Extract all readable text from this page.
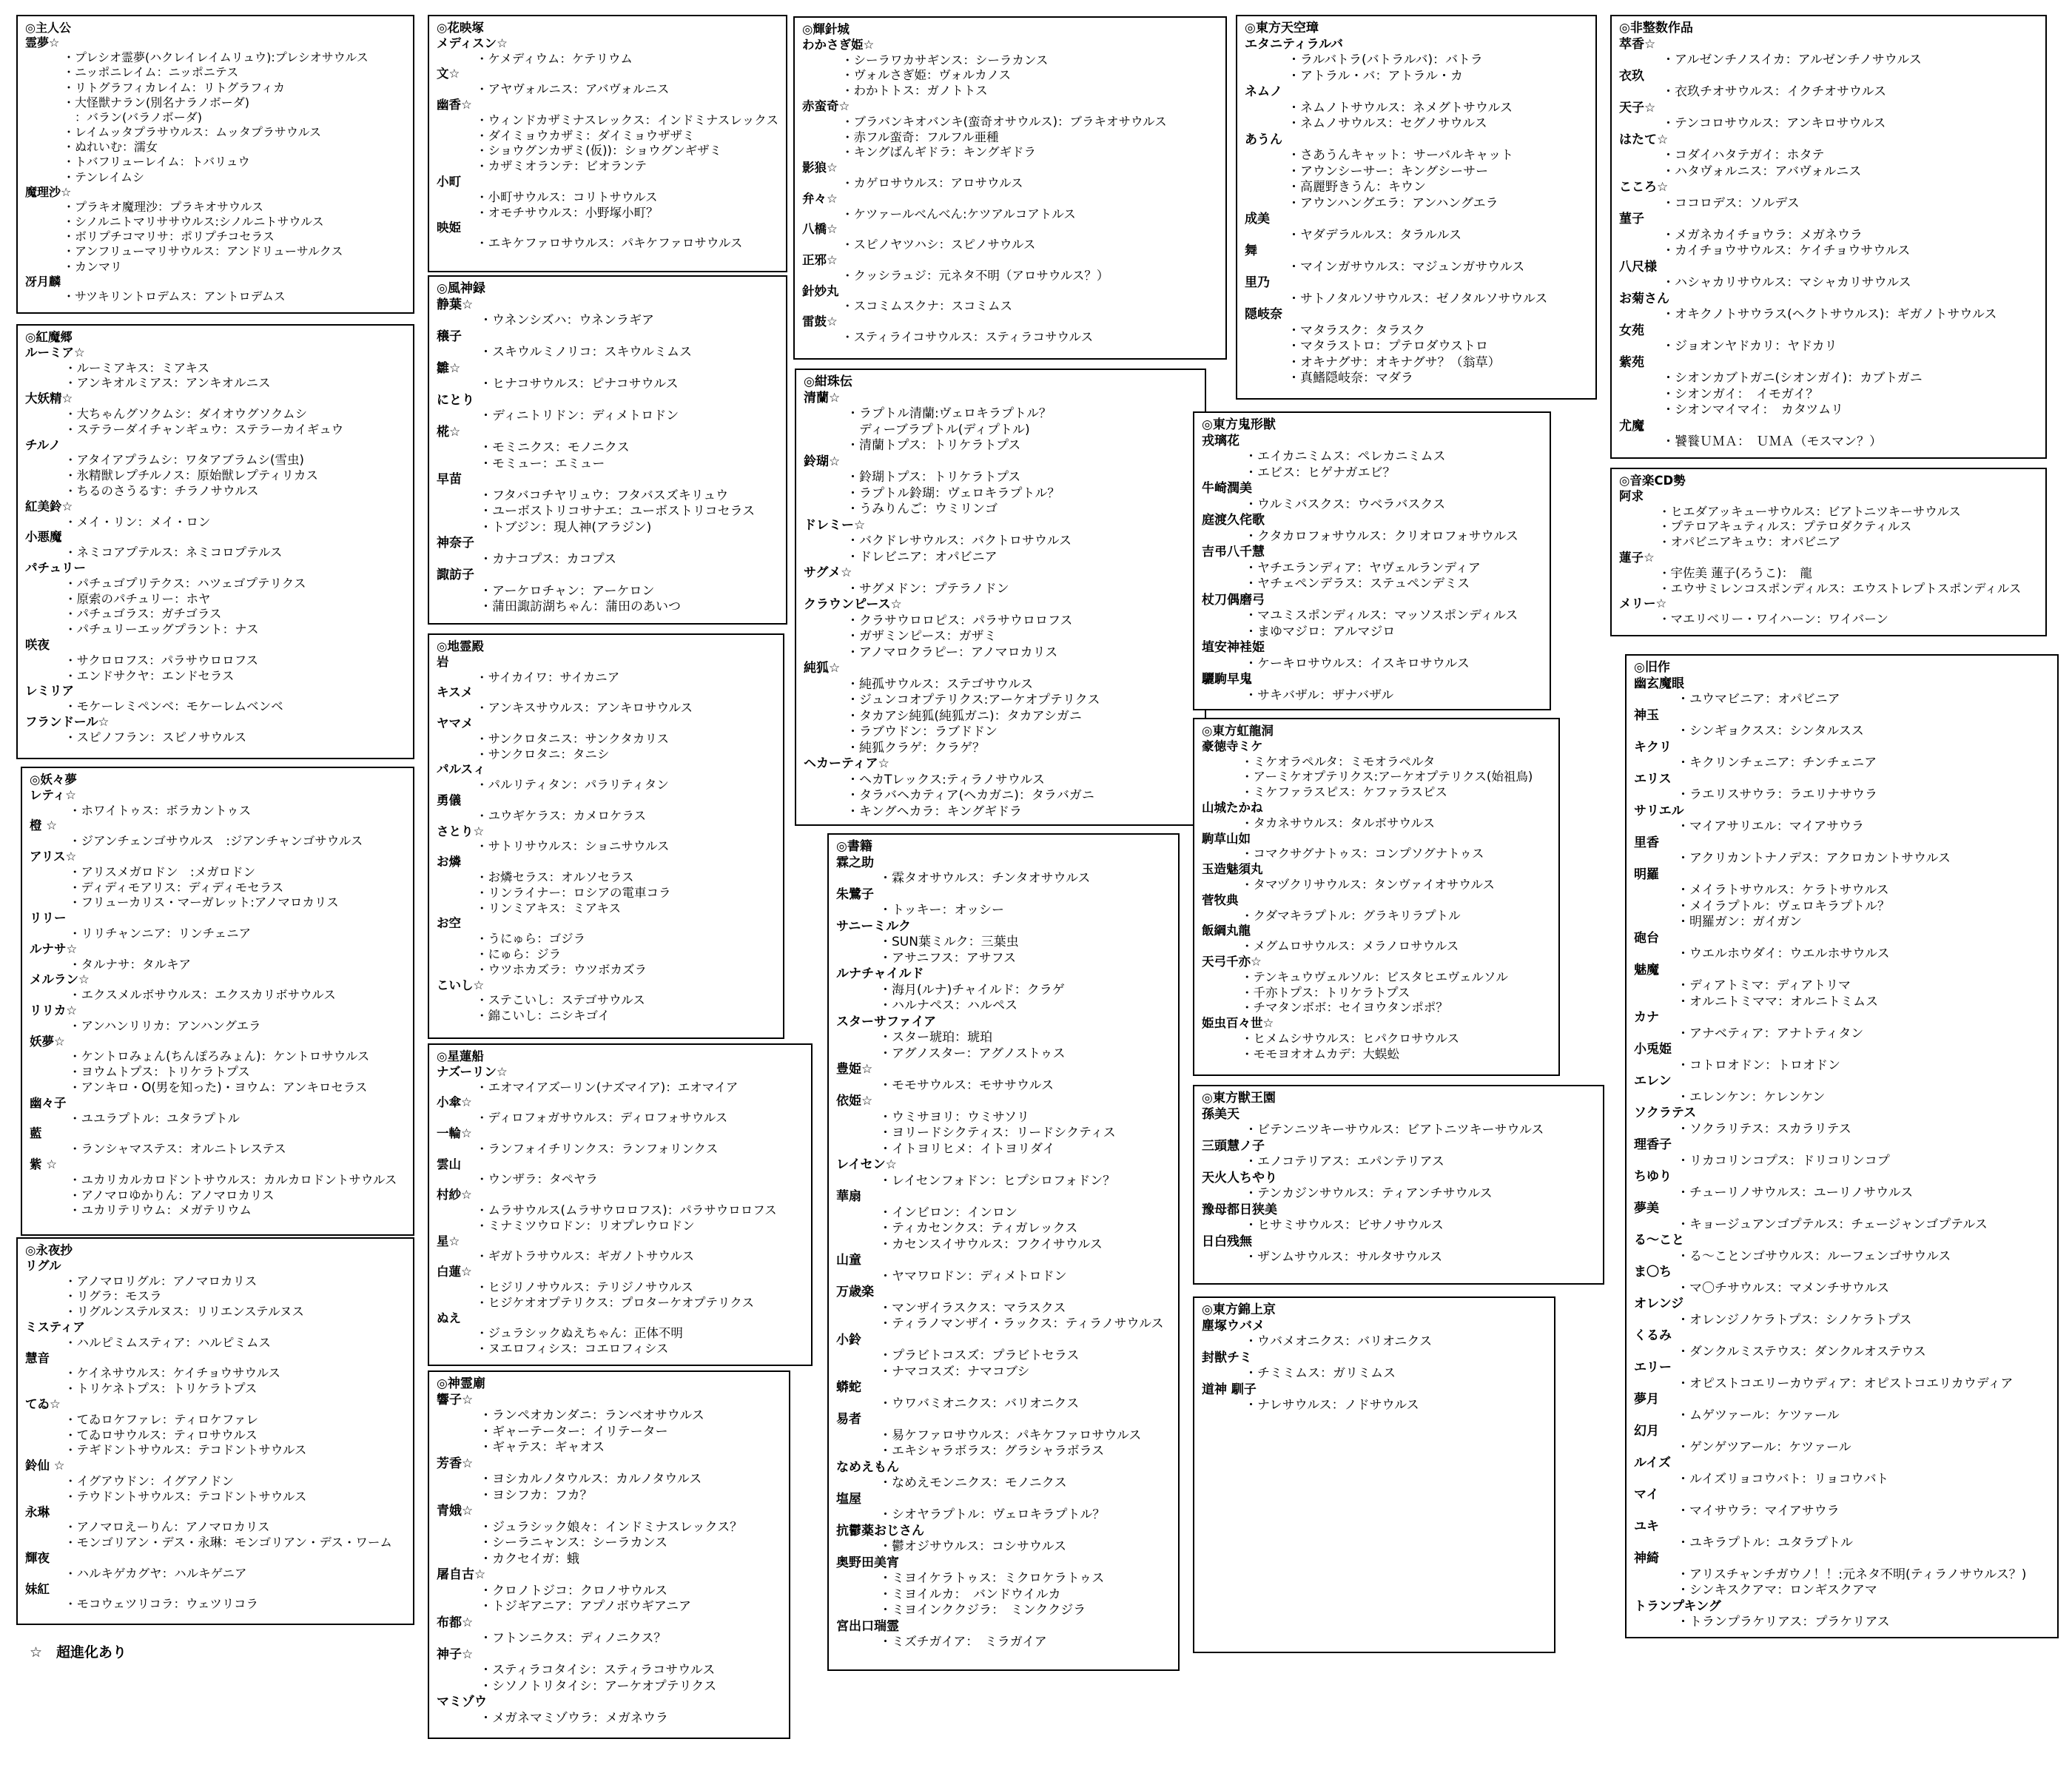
◎主人公
霊夢☆
・プレシオ霊夢(ハクレイレイムリュウ):プレシオサウルス
・ニッポニレイム：ニッポニテス
・リトグラフィカレイム：リトグラフィカ
・大怪獣ナラン(別名ナラノボーダ)
　：バラン(バラノボーダ)
・レイムッタプラサウルス：ムッタプラサウルス
・ぬれいむ：濡女
・トバフリューレイム：トバリュウ
・テンレイムシ
魔理沙☆
・プラキオ魔理沙：プラキオサウルス
・シノルニトマリササウルス:シノルニトサウルス
・ボリプチコマリサ：ポリプチコセラス
・アンフリューマリサウルス：アンドリューサルクス
・カンマリ
冴月麟
・サツキリントロデムス：アントロデムス
◎紅魔郷
ルーミア☆
・ルーミアキス：ミアキス
・アンキオルミアス：アンキオルニス
大妖精☆
・大ちゃんグソクムシ：ダイオウグソクムシ
・ステラーダイチャンギュウ：ステラーカイギュウ
チルノ
・アタイアプラムシ：ワタアブラムシ(雪虫)
・氷精獣レプチルノス：原始獣レプティリカス
・ちるのさうるす：チラノサウルス
紅美鈴☆
・メイ・リン：メイ・ロン
小悪魔
・ネミコアプテルス：ネミコロプテルス
パチュリー
・パチュゴプリテクス：ハツェゴプテリクス
・原索のパチュリー：ホヤ
・パチュゴラス：ガチゴラス
・パチュリーエッグプラント：ナス
咲夜
・サクロロフス：パラサウロロフス
・エンドサクヤ：エンドセラス
レミリア
・モケーレミペンベ：モケーレムベンベ
フランドール☆
・スピノフラン：スピノサウルス
◎妖々夢
レティ☆
・ホワイトゥス：ボラカントゥス
橙 ☆
・ジアンチェンゴサウルス　:ジアンチャンゴサウルス
アリス☆
・アリスメガロドン　:メガロドン
・ディディモアリス：ディディモセラス
・フリューカリス・マーガレット:アノマロカリス
リリー
・リリチャンニア：リンチェニア
ルナサ☆
・タルナサ：タルキア
メルラン☆
・エクスメルボサウルス：エクスカリボサウルス
リリカ☆
・アンハンリリカ：アンハングエラ
妖夢☆
・ケントロみょん(ちんぽろみょん)：ケントロサウルス
・ヨウムトプス：トリケラトプス
・アンキロ・O(男を知った)・ヨウム：アンキロセラス
幽々子
・ユユラプトル：ユタラプトル
藍
・ランシャマステス：オルニトレステス
紫 ☆
・ユカリカルカロドントサウルス：カルカロドントサウルス
・アノマロゆかりん：アノマロカリス
・ユカリテリウム：メガテリウム
◎永夜抄
リグル
・アノマロリグル：アノマロカリス
・リグラ：モスラ
・リグルンステルヌス：リリエンステルヌス
ミスティア
・ハルピミムスティア：ハルピミムス
慧音
・ケイネサウルス：ケイチョウサウルス
・トリケネトプス：トリケラトプス
てゐ☆
・てゐロケファレ：ティロケファレ
・てゐロサウルス：ティロサウルス
・テギドントサウルス：テコドントサウルス
鈴仙 ☆
・イグアウドン：イグアノドン
・テウドントサウルス：テコドントサウルス
永琳
・アノマロえーりん：アノマロカリス
・モンゴリアン・デス・永琳：モンゴリアン・デス・ワーム
輝夜
・ハルキゲカグヤ：ハルキゲニア
妹紅
・モコウェツリコラ：ウェツリコラ
◎花映塚
メディスン☆
・ケメディウム：ケテリウム
文☆
・アヤヴォルニス：アバヴォルニス
幽香☆
・ウィンドカザミナスレックス：インドミナスレックス
・ダイミョウカザミ：ダイミョウザザミ
・ショウグンカザミ(仮))：ショウグンギザミ
・カザミオランテ：ビオランテ
小町
・小町サウルス：コリトサウルス
・オモチサウルス：小野塚小町？
映姫
・エキケファロサウルス：パキケファロサウルス
◎風神録
静葉☆
・ウネンシズハ：ウネンラギア
穣子
・スキウルミノリコ：スキウルミムス
雛☆
・ヒナコサウルス：ピナコサウルス
にとり
・ディニトリドン：ディメトロドン
椛☆
・モミニクス：モノニクス
・モミュー：エミュー
早苗
・フタバコチヤリュウ：フタバスズキリュウ
・ユーボストリコサナエ：ユーボストリコセラス
・トブジン：現人神(アラジン)
神奈子
・カナコプス：カコプス
諏訪子
・アーケロチャン：アーケロン
・蒲田諏訪湖ちゃん：蒲田のあいつ
◎地霊殿
岩
・サイカイワ：サイカニア
キスメ
・アンキスサウルス：アンキロサウルス
ヤマメ
・サンクロタニス：サンクタカリス
・サンクロタニ：タニシ
パルスィ
・パルリティタン：パラリティタン
勇儀
・ユウギケラス：カメロケラス
さとり☆
・サトリサウルス：ショニサウルス
お燐
・お燐セラス：オルソセラス
・リンライナー：ロシアの電車コラ
・リンミアキス：ミアキス
お空
・うにゅら：ゴジラ
・にゅら：ジラ
・ウツホカズラ：ウツボカズラ
こいし☆
・ステこいし：ステゴサウルス
・錦こいし：ニシキゴイ
◎星蓮船
ナズーリン☆
・エオマイアズーリン(ナズマイア)：エオマイア
小傘☆
・ディロフォガサウルス：ディロフォサウルス
一輪☆
・ランフォイチリンクス：ランフォリンクス
雲山
・ウンザラ：タペヤラ
村紗☆
・ムラサウルス(ムラサウロロフス)：パラサウロロフス
・ミナミツウロドン：リオプレウロドン
星☆
・ギガトラサウルス：ギガノトサウルス
白蓮☆
・ヒジリノサウルス：テリジノサウルス
・ヒジケオオプテリクス：プロターケオプテリクス
ぬえ
・ジュラシックぬえちゃん：正体不明
・ヌエロフィシス：コエロフィシス
◎神霊廟
響子☆
・ランペオカンダニ：ランベオサウルス
・ギャーテーター：イリテーター
・ギャテス：ギャオス
芳香☆
・ヨシカルノタウルス：カルノタウルス
・ヨシフカ：フカ？
青娥☆
・ジュラシック娘々：インドミナスレックス？
・シーラニャンス：シーラカンス
・カクセイガ：蛾
屠自古☆
・クロノトジコ：クロノサウルス
・トジギアニア：アプノボウギアニア
布都☆
・フトンニクス：ディノニクス？
神子☆
・スティラコタイシ：スティラコサウルス
・シソノトリタイシ：アーケオプテリクス
マミゾウ
・メガネマミゾウラ：メガネウラ
◎輝針城
わかさぎ姫☆
・シーラワカサギンス：シーラカンス
・ヴォルさぎ姫：ヴォルカノス
・わかトトス：ガノトトス
赤蛮奇☆
・ブラバンキオバンキ(蛮奇オサウルス)：ブラキオサウルス
・赤フル蛮奇：フルフル亜種
・キングばんギドラ：キングギドラ
影狼☆
・カゲロサウルス：アロサウルス
弁々☆
・ケツァールべんべん:ケツアルコアトルス
八橋☆
・スピノヤツハシ：スピノサウルス
正邪☆
・クッシラュジ：元ネタ不明（アロサウルス？）
針妙丸
・スコミムスクナ：スコミムス
雷鼓☆
・スティライコサウルス：スティラコサウルス
◎紺珠伝
清蘭☆
・ラプトル清蘭:ヴェロキラプトル？
　ディーブラプトル(ディプトル)
・清蘭トプス：トリケラトプス
鈴瑚☆
・鈴瑚トプス：トリケラトプス
・ラプトル鈴瑚：ヴェロキラプトル？
・うみりんご：ウミリンゴ
ドレミー☆
・バクドレサウルス：バクトロサウルス
・ドレビニア：オパビニア
サグメ☆
・サグメドン：プテラノドン
クラウンピース☆
・クラサウロロピス：パラサウロロフス
・ガザミンピース：ガザミ
・アノマロクラピー：アノマロカリス
純狐☆
・純孤サウルス：ステゴサウルス
・ジュンコオプテリクス:アーケオプテリクス
・タカアシ純狐(純狐ガニ)：タカアシガニ
・ラブウドン：ラブドドン
・純狐クラゲ：クラゲ？
ヘカーティア☆
・ヘカTレックス:ティラノサウルス
・タラバヘカティア(ヘカガニ)：タラバガニ
・キングヘカラ：キングギドラ
◎書籍
霖之助
・霖タオサウルス：チンタオサウルス
朱鷺子
・トッキー：オッシー
サニーミルク
・SUN葉ミルク：三葉虫
・アサニフス：アサフス
ルナチャイルド
・海月(ルナ)チャイルド：クラゲ
・ハルナペス：ハルペス
スターサファイア
・スター琥珀：琥珀
・アグノスター：アグノストゥス
豊姫☆
・モモサウルス：モササウルス
依姫☆
・ウミサヨリ：ウミサソリ
・ヨリードシクティス：リードシクティス
・イトヨリヒメ：イトヨリダイ
レイセン☆
・レイセンフォドン：ヒプシロフォドン？
華扇
・インビロン：インロン
・ティカセンクス：ティガレックス
・カセンスイサウルス：フクイサウルス
山童
・ヤマワロドン：ディメトロドン
万歳楽
・マンザイラスクス：マラスクス
・ティラノマンザイ・ラックス：ティラノサウルス
小鈴
・プラビトコスズ：プラビトセラス
・ナマコスズ：ナマコブシ
蟒蛇
・ウワバミオニクス：バリオニクス
易者
・易ケファロサウルス：パキケファロサウルス
・エキシャラボラス：グラシャラボラス
なめえもん
・なめえモンニクス：モノニクス
塩屋
・シオヤラプトル：ヴェロキラプトル？
抗鬱薬おじさん
・鬱オジサウルス：コシサウルス
奥野田美宵
・ミヨイケラトゥス：ミクロケラトゥス
・ミヨイルカ：　バンドウイルカ
・ミヨインククジラ：　ミンククジラ
宮出口瑞霊
・ミズチガイア：　ミラガイア
◎東方天空璋
エタニティラルバ
・ラルバトラ(バトラルバ)：バトラ
・アトラル・バ：アトラル・カ
ネムノ
・ネムノトサウルス：ネメグトサウルス
・ネムノサウルス：セグノサウルス
あうん
・さあうんキャット：サーバルキャット
・アウンシーサー：キングシーサー
・高麗野きうん：キウン
・アウンハングエラ：アンハングエラ
成美
・ヤダデラルルス：タラルルス
舞
・マインガサウルス：マジュンガサウルス
里乃
・サトノタルソサウルス：ゼノタルソサウルス
隠岐奈
・マタラスク：タラスク
・マタラストロ：プテロダウストロ
・オキナグサ：オキナグサ？（翁草）
・真鰭隠岐奈：マダラ
◎東方鬼形獣
戎璃花
・エイカニミムス：ペレカニミムス
・エビス：ヒゲナガエビ？
牛崎潤美
・ウルミバスクス：ウベラバスクス
庭渡久侘歌
・クタカロフォサウルス：クリオロフォサウルス
吉弔八千慧
・ヤチエランディア：ヤヴェルランディア
・ヤチェペンデラス：ステュペンデミス
杖刀偶磨弓
・マユミスポンディルス：マッソスポンディルス
・まゆマジロ：アルマジロ
埴安神袿姫
・ケーキロサウルス：イスキロサウルス
驪駒早鬼
・サキバザル：ザナバザル
◎東方虹龍洞
豪徳寺ミケ
・ミケオラペルタ：ミモオラペルタ
・アーミケオプテリクス:アーケオプテリクス(始祖鳥)
・ミケファラスピス：ケファラスピス
山城たかね
・タカネサウルス：タルボサウルス
駒草山如
・コマクサグナトゥス：コンプソグナトゥス
玉造魅須丸
・タマヅクリサウルス：タンヴァイオサウルス
菅牧典
・クダマキラプトル：グラキリラプトル
飯綱丸龍
・メグムロサウルス：メラノロサウルス
天弓千亦☆
・テンキュウヴェルソル：ビスタヒエヴェルソル
・千亦トプス：トリケラトプス
・チマタンボボ：セイヨウタンポポ？
姫虫百々世☆
・ヒメムシサウルス：ヒパクロサウルス
・モモヨオオムカデ：大蜈蚣
◎東方獣王園
孫美天
・ビテンニツキーサウルス：ビアトニツキーサウルス
三頭慧ノ子
・エノコテリアス：エパンテリアス
天火人ちやり
・テンカジンサウルス：ティアンチサウルス
豫母都日狭美
・ヒサミサウルス：ビサノサウルス
日白残無
・ザンムサウルス：サルタサウルス
◎東方錦上京
塵塚ウバメ
・ウバメオニクス：バリオニクス
封獣チミ
・チミミムス：ガリミムス
道神 馴子
・ナレサウルス：ノドサウルス
◎非整数作品
萃香☆
・アルゼンチノスイカ：アルゼンチノサウルス
衣玖
・衣玖チオサウルス：イクチオサウルス
天子☆
・テンコロサウルス：アンキロサウルス
はたて☆
・コダイハタテガイ：ホタテ
・ハタヴォルニス：アバヴォルニス
こころ☆
・ココロデス：ソルデス
菫子
・メガネカイチョウラ：メガネウラ
・カイチョウサウルス：ケイチョウサウルス
八尺様
・ハシャカリサウルス：マシャカリサウルス
お菊さん
・オキクノトサウラス(ヘクトサウルス)：ギガノトサウルス
女苑
・ジョオンヤドカリ：ヤドカリ
紫苑
・シオンカブトガニ(シオンガイ)：カブトガニ
・シオンガイ：　イモガイ？
・シオンマイマイ：　カタツムリ
尤魔
・饕餮ＵＭＡ：　ＵＭＡ（モスマン？）
◎音楽CD勢
阿求
・ヒエダアッキューサウルス：ビアトニツキーサウルス
・プテロアキュティルス：プテロダクティルス
・オパビニアキュウ：オパビニア
蓮子☆
・宇佐美 蓮子(ろうこ)：　龍
・エウサミレンコスポンディルス：エウストレプトスポンディルス
メリー☆
・マエリベリー・ワイハーン：ワイバーン
◎旧作
幽玄魔眼
・ユウマビニア：オパビニア
神玉
・シンギョクスス：シンタルスス
キクリ
・キクリンチェニア：チンチェニア
エリス
・ラエリスサウラ：ラエリナサウラ
サリエル
・マイアサリエル：マイアサウラ
里香
・アクリカントナノデス：アクロカントサウルス
明羅
・メイラトサウルス：ケラトサウルス
・メイラプトル：ヴェロキラプトル？
・明羅ガン：ガイガン
砲台
・ウエルホウダイ：ウエルホサウルス
魅魔
・ディアトミマ：ディアトリマ
・オルニトミママ：オルニトミムス
カナ
・アナベティア：アナトティタン
小兎姫
・コトロオドン：トロオドン
エレン
・エレンケン：ケレンケン
ソクラテス
・ソクラリテス：スカラリテス
理香子
・リカコリンコプス：ドリコリンコプ
ちゆり
・チューリノサウルス：ユーリノサウルス
夢美
・キョージュアンゴプテルス：チェージャンゴプテルス
る～こと
・る～ことンゴサウルス：ルーフェンゴサウルス
ま〇ち
・マ〇チサウルス：マメンチサウルス
オレンジ
・オレンジノケラトプス：シノケラトプス
くるみ
・ダンクルミステウス：ダンクルオステウス
エリー
・オピストコエリーカウディア：オピストコエリカウディア
夢月
・ムゲツァール：ケツァール
幻月
・ゲンゲツアール：ケツァール
ルイズ
・ルイズリョコウバト：リョコウバト
マイ
・マイサウラ：マイアサウラ
ユキ
・ユキラプトル：ユタラプトル
神綺
・アリスチャンチガウノ！！:元ネタ不明(ティラノサウルス？)
・シンキスクアマ：ロンギスクアマ
トランプキング
・トランプラケリアス：プラケリアス
☆　超進化あり
